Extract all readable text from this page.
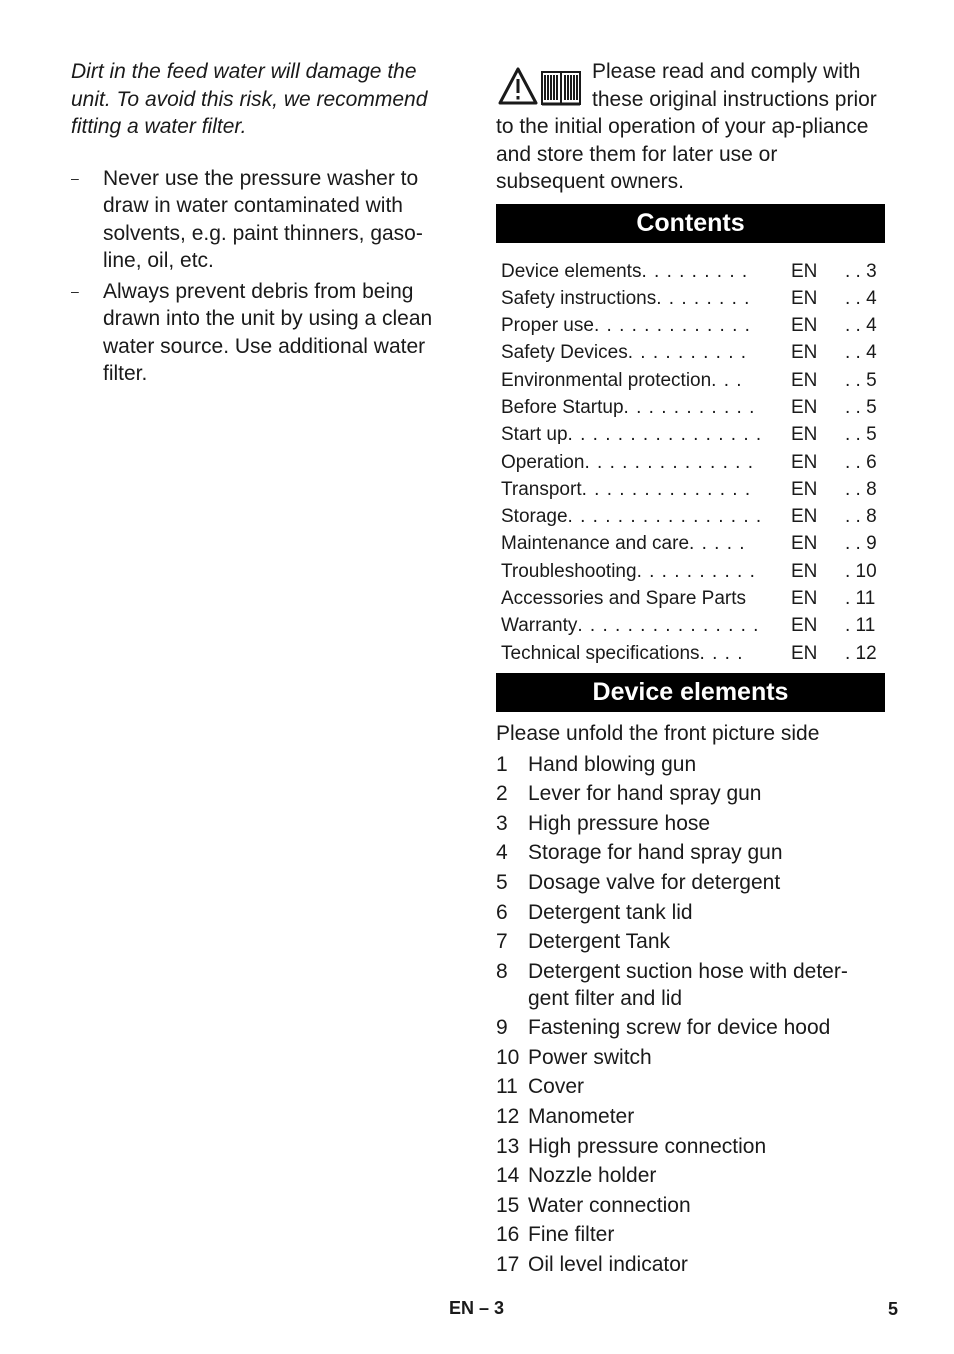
Dirt in the feed water will damage the unit. To avoid this risk, we recommend fitting a water filter.

– Never use the pressure washer to draw in water contaminated with solvents, e.g. paint thinners, gaso-line, oil, etc.
– Always prevent debris from being drawn into the unit by using a clean water source. Use additional water filter.

Please read and comply with these original instructions prior to the initial operation of your ap-pliance and store them for later use or subsequent owners.

Contents
Device elements . . . . . . . . .	EN	. . 3

Safety instructions . . . . . . . .	EN	. . 4

Proper use . . . . . . . . . . . . .	EN	. . 4

Safety Devices . . . . . . . . . .	EN	. . 4

Environmental protection . . .	EN	. . 5

Before Startup . . . . . . . . . . .	EN	. . 5

Start up . . . . . . . . . . . . . . . .	EN	. . 5

Operation . . . . . . . . . . . . . .	EN	. . 6

Transport . . . . . . . . . . . . . .	EN	. . 8

Storage . . . . . . . . . . . . . . . .	EN	. . 8

Maintenance and care . . . . .	EN	. . 9

Troubleshooting . . . . . . . . . .	EN	. 10

Accessories and Spare Parts	EN	. 11

Warranty . . . . . . . . . . . . . . .	EN	. 11

Technical specifications . . . .	EN	. 12
Device elements

Please unfold the front picture side

1 Hand blowing gun
2 Lever for hand spray gun
3 High pressure hose
4 Storage for hand spray gun
5 Dosage valve for detergent
6 Detergent tank lid
7 Detergent Tank
8 Detergent suction hose with deter-gent filter and lid
9 Fastening screw for device hood
10 Power switch
11 Cover
12 Manometer
13 High pressure connection
14 Nozzle holder
15 Water connection
16 Fine filter
17 Oil level indicator
EN – 3	5
